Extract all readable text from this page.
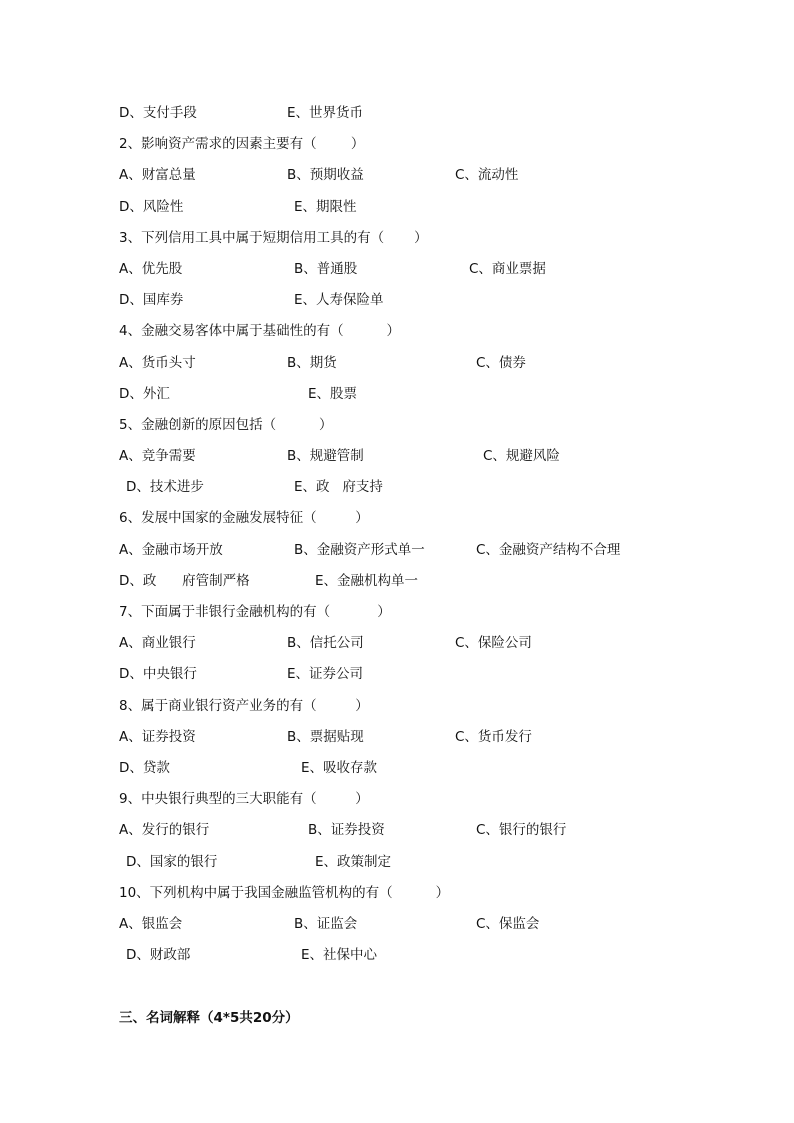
D、支付手段	E、世界货币
2、影响资产需求的因素主要有（        ）
A、财富总量	B、预期收益	C、流动性
D、风险性	E、期限性
3、下列信用工具中属于短期信用工具的有（       ）
A、优先股	B、普通股	C、商业票据
D、国库券	E、人寿保险单
4、金融交易客体中属于基础性的有（          ）
A、货币头寸	B、期货	C、债券
D、外汇	E、股票
5、金融创新的原因包括（          ）
A、竞争需要	B、规避管制	C、规避风险
D、技术进步	E、政   府支持
6、发展中国家的金融发展特征（         ）
A、金融市场开放	B、金融资产形式单一	C、金融资产结构不合理
D、政      府管制严格	E、金融机构单一
7、下面属于非银行金融机构的有（           ）
A、商业银行	B、信托公司	C、保险公司
D、中央银行	E、证券公司
8、属于商业银行资产业务的有（         ）
A、证券投资	B、票据贴现	C、货币发行
D、贷款	E、吸收存款
9、中央银行典型的三大职能有（         ）
A、发行的银行	B、证券投资	C、银行的银行
D、国家的银行	E、政策制定
10、下列机构中属于我国金融监管机构的有（          ）
A、银监会	B、证监会	C、保监会
D、财政部	E、社保中心
三、名词解释（4*5共20分）
